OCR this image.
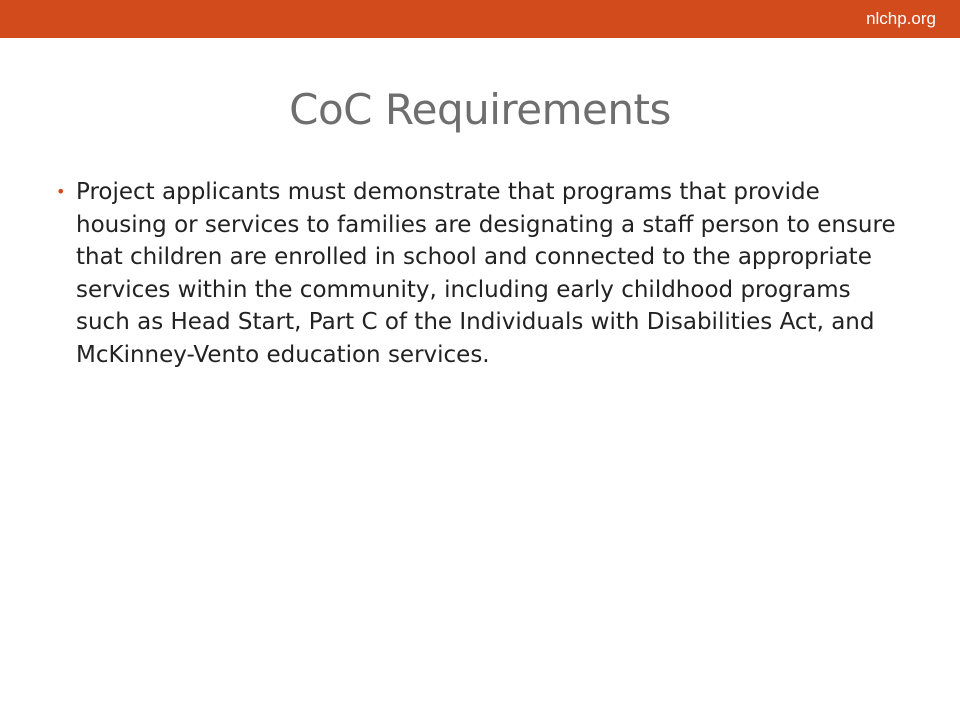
nlchp.org
CoC Requirements
• Project applicants must demonstrate that programs that provide housing or services to families are designating a staff person to ensure that children are enrolled in school and connected to the appropriate services within the community, including early childhood programs such as Head Start, Part C of the Individuals with Disabilities Act, and McKinney-Vento education services.
